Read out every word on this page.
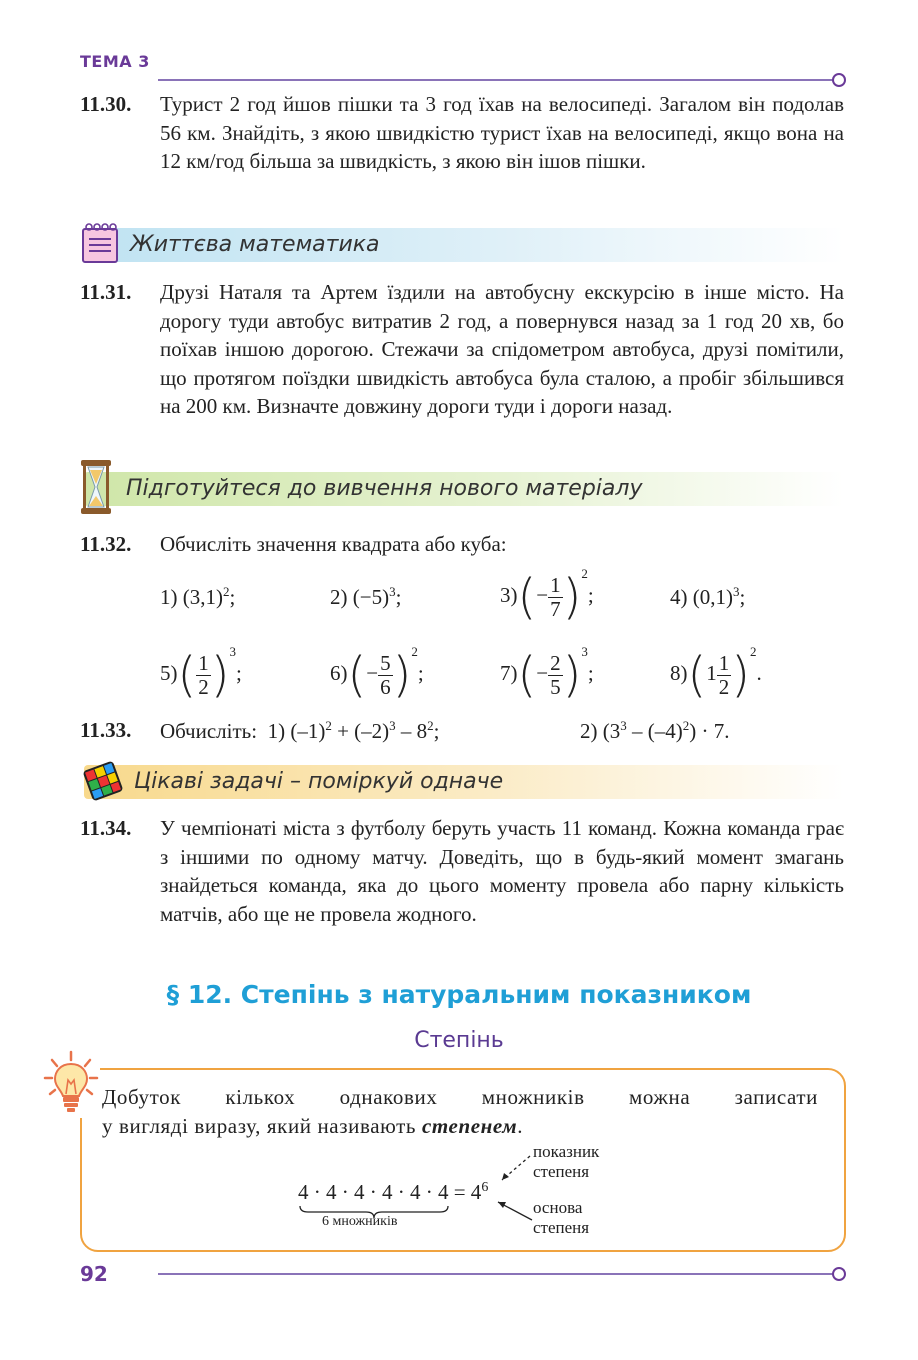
ТЕМА 3
11.30. Турист 2 год йшов пішки та 3 год їхав на велосипеді. Загалом він подолав 56 км. Знайдіть, з якою швидкістю турист їхав на велосипеді, якщо вона на 12 км/год більша за швидкість, з якою він ішов пішки.
Життєва математика
11.31. Друзі Наталя та Артем їздили на автобусну екскурсію в інше місто. На дорогу туди автобус витратив 2 год, а повернувся назад за 1 год 20 хв, бо поїхав іншою дорогою. Стежачи за спідометром автобуса, друзі помітили, що протягом поїздки швидкість автобуса була сталою, а пробіг збільшився на 200 км. Визначте довжину дороги туди і дороги назад.
Підготуйтеся до вивчення нового матеріалу
11.32. Обчисліть значення квадрата або куба:
1) $(3,1)^2$;	2) $(-5)^3$;	$3)(- \frac{1}{7} )^2$;	4) $(0,1)^3$;
$5)( \frac{1}{2} )^3$;	$6)(- \frac{5}{6} )^2$;	$7)(- \frac{2}{5} )^3$;	$8)(1 \frac{1}{2} )^2$.
11.33. Обчисліть: 1) $(-1)^2 + (-2)^3 - 8^2$;	2) $(3^3 - (-4)^2) \cdot 7$.
Цікаві задачі – поміркуй одначе
11.34. У чемпіонаті міста з футболу беруть участь 11 команд. Кожна команда грає з іншими по одному матчу. Доведіть, що в будь-який момент змагань знайдеться команда, яка до цього моменту провела або парну кількість матчів, або ще не провела жодного.
§ 12. Степінь з натуральним показником
Степінь
Добуток кількох однакових множників можна записати
у вигляді виразу, який називають степенем.
$4 \cdot 4 \cdot 4 \cdot 4 \cdot 4 \cdot 4 = 4^6$
6 множників
показник
степеня
основа
степеня
92
